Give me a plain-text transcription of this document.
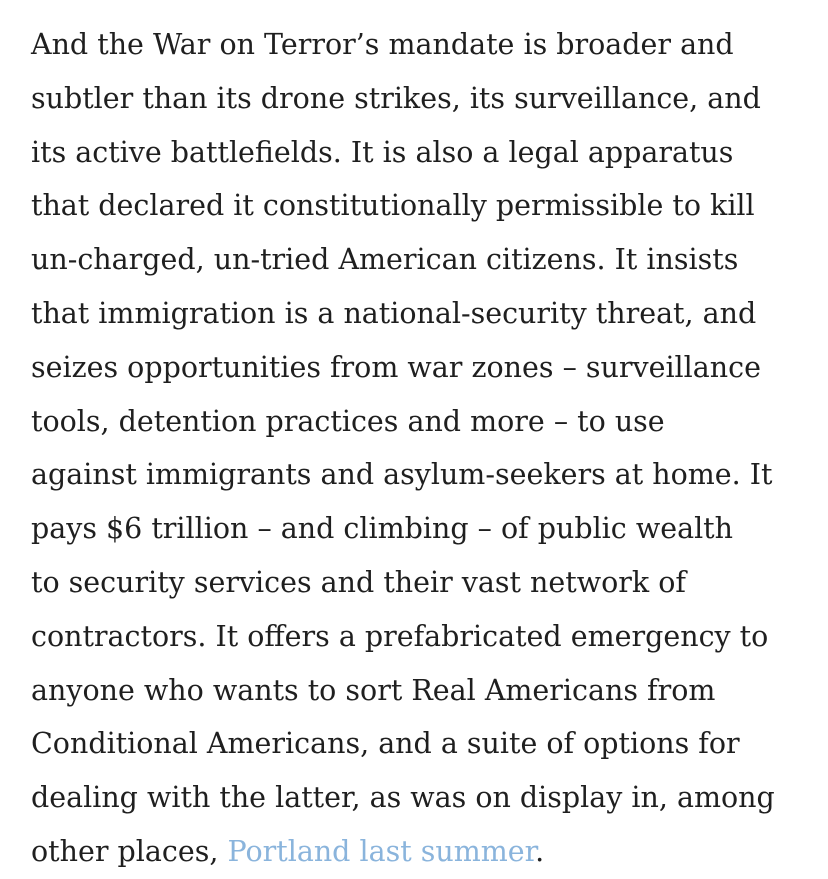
And the War on Terror’s mandate is broader and
subtler than its drone strikes, its surveillance, and
its active battlefields. It is also a legal apparatus
that declared it constitutionally permissible to kill
un-charged, un-tried American citizens. It insists
that immigration is a national-security threat, and
seizes opportunities from war zones – surveillance
tools, detention practices and more – to use
against immigrants and asylum-seekers at home. It
pays $6 trillion – and climbing – of public wealth
to security services and their vast network of
contractors. It offers a prefabricated emergency to
anyone who wants to sort Real Americans from
Conditional Americans, and a suite of options for
dealing with the latter, as was on display in, among
other places, Portland last summer.
